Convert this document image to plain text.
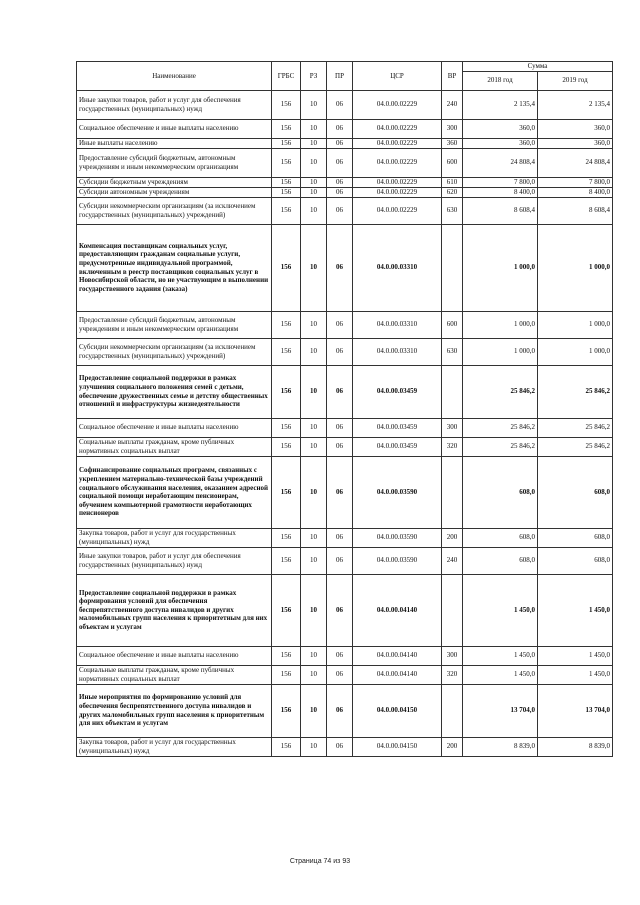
Наименование	ГРБС	РЗ	ПР	ЦСР	ВР	Сумма	
						2018 год	2019 год
Иные закупки товаров, работ и услуг для обеспечения государственных (муниципальных) нужд	156	10	06	04.0.00.02229	240	2 135,4	2 135,4
Социальное обеспечение и иные выплаты населению	156	10	06	04.0.00.02229	300	360,0	360,0
Иные выплаты населению	156	10	06	04.0.00.02229	360	360,0	360,0
Предоставление субсидий бюджетным, автономным учреждениям и иным некоммерческим организациям	156	10	06	04.0.00.02229	600	24 808,4	24 808,4
Субсидии бюджетным учреждениям	156	10	06	04.0.00.02229	610	7 800,0	7 800,0
Субсидии автономным учреждениям	156	10	06	04.0.00.02229	620	8 400,0	8 400,0
Субсидии некоммерческим организациям (за исключением государственных (муниципальных) учреждений)	156	10	06	04.0.00.02229	630	8 608,4	8 608,4
Компенсация поставщикам социальных услуг, предоставляющим гражданам социальные услуги, предусмотренные индивидуальной программой, включенным в реестр поставщиков социальных услуг в Новосибирской области, но не участвующим в выполнении государственного задания (заказа)	156	10	06	04.0.00.03310		1 000,0	1 000,0
Предоставление субсидий бюджетным, автономным учреждениям и иным некоммерческим организациям	156	10	06	04.0.00.03310	600	1 000,0	1 000,0
Субсидии некоммерческим организациям (за исключением государственных (муниципальных) учреждений)	156	10	06	04.0.00.03310	630	1 000,0	1 000,0
Предоставление социальной поддержки в рамках улучшения социального положения семей с детьми, обеспечение дружественных семье и детству общественных отношений и инфраструктуры жизнедеятельности	156	10	06	04.0.00.03459		25 846,2	25 846,2
Социальное обеспечение и иные выплаты населению	156	10	06	04.0.00.03459	300	25 846,2	25 846,2
Социальные выплаты гражданам, кроме публичных нормативных социальных выплат	156	10	06	04.0.00.03459	320	25 846,2	25 846,2
Софинансирование социальных программ, связанных с укреплением материально-технической базы учреждений социального обслуживания населения, оказанием адресной социальной помощи неработающим пенсионерам, обучением компьютерной грамотности неработающих пенсионеров	156	10	06	04.0.00.03590		608,0	608,0
Закупка товаров, работ и услуг для государственных (муниципальных) нужд	156	10	06	04.0.00.03590	200	608,0	608,0
Иные закупки товаров, работ и услуг для обеспечения государственных (муниципальных) нужд	156	10	06	04.0.00.03590	240	608,0	608,0
Предоставление социальной поддержки в рамках формирования условий для обеспечения беспрепятственного доступа инвалидов и других маломобильных групп населения к приоритетным для них объектам и услугам	156	10	06	04.0.00.04140		1 450,0	1 450,0
Социальное обеспечение и иные выплаты населению	156	10	06	04.0.00.04140	300	1 450,0	1 450,0
Социальные выплаты гражданам, кроме публичных нормативных социальных выплат	156	10	06	04.0.00.04140	320	1 450,0	1 450,0
Иные мероприятия по формированию условий для обеспечения беспрепятственного доступа инвалидов и других маломобильных групп населения к приоритетным для них объектам и услугам	156	10	06	04.0.00.04150		13 704,0	13 704,0
Закупка товаров, работ и услуг для государственных (муниципальных) нужд	156	10	06	04.0.00.04150	200	8 839,0	8 839,0
Страница 74 из 93
